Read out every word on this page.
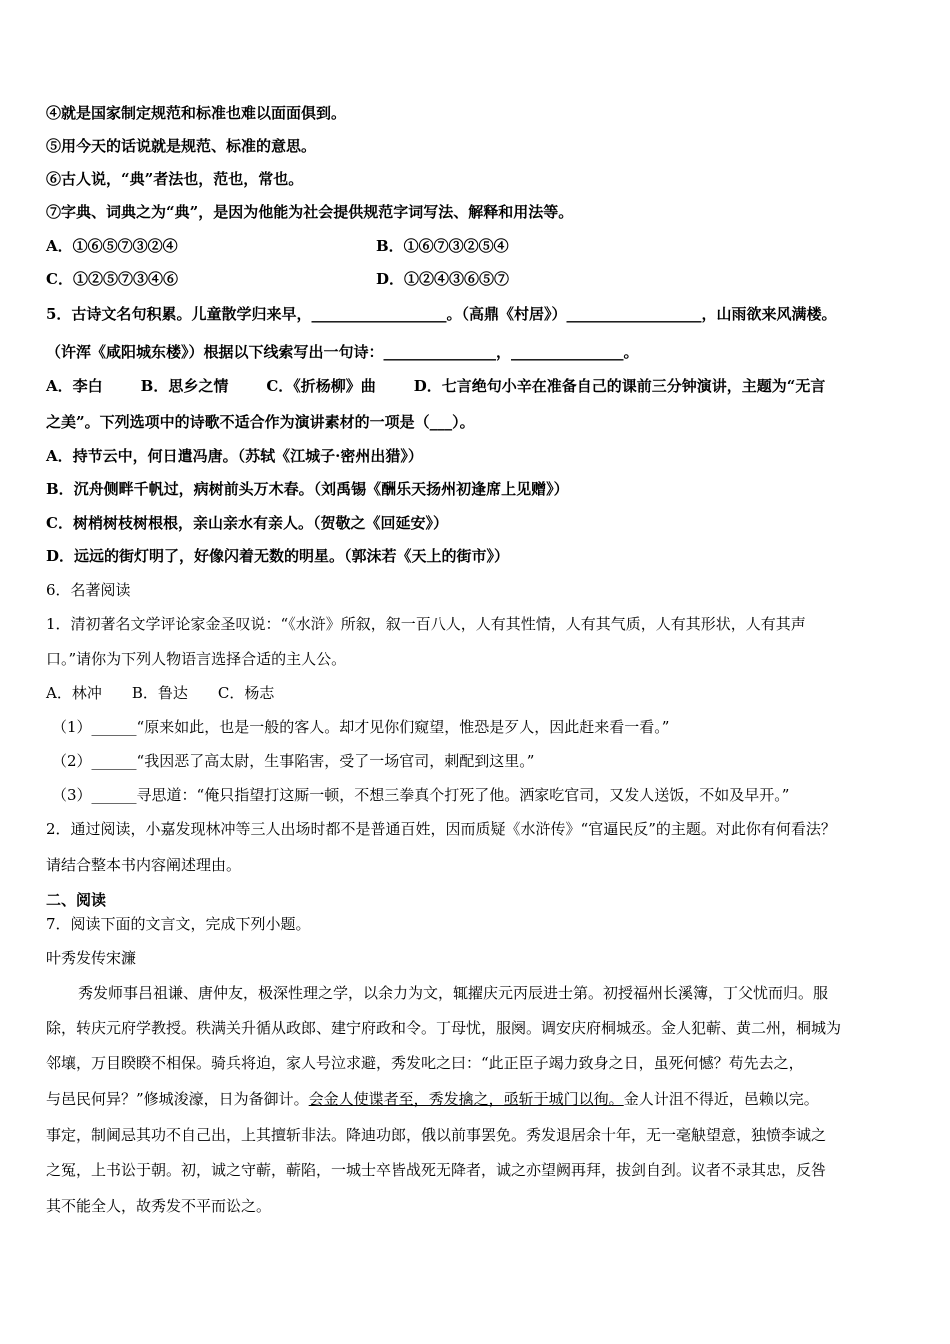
④就是国家制定规范和标准也难以面面俱到。
⑤用今天的话说就是规范、标准的意思。
⑥古人说，“典”者法也，范也，常也。
⑦字典、词典之为“典”，是因为他能为社会提供规范字词写法、解释和用法等。
A．①⑥⑤⑦③②④	B．①⑥⑦③②⑤④
C．①②⑤⑦③④⑥	D．①②④③⑥⑤⑦
5．古诗文名句积累。儿童散学归来早，__________________。（高鼎《村居》）__________________，山雨欲来风满楼。
（许浑《咸阳城东楼》）根据以下线索写出一句诗：_______________，_______________。
A．李白	B．思乡之情	C．《折杨柳》曲	D．七言绝句小辛在准备自己的课前三分钟演讲，主题为“无言
之美”。下列选项中的诗歌不适合作为演讲素材的一项是（___）。
A．持节云中，何日遣冯唐。（苏轼《江城子·密州出猎》）
B．沉舟侧畔千帆过，病树前头万木春。（刘禹锡《酬乐天扬州初逢席上见赠》）
C．树梢树枝树根根，亲山亲水有亲人。（贺敬之《回延安》）
D．远远的街灯明了，好像闪着无数的明星。（郭沫若《天上的街市》）
6．名著阅读
1．清初著名文学评论家金圣叹说：“《水浒》所叙，叙一百八人，人有其性情，人有其气质，人有其形状，人有其声
口。”请你为下列人物语言选择合适的主人公。
A．林冲　　B．鲁达　　C．杨志
（1）______“原来如此，也是一般的客人。却才见你们窥望，惟恐是歹人，因此赶来看一看。”
（2）______“我因恶了高太尉，生事陷害，受了一场官司，刺配到这里。”
（3）______寻思道：“俺只指望打这厮一顿，不想三拳真个打死了他。洒家吃官司，又发人送饭，不如及早开。”
2．通过阅读，小嘉发现林冲等三人出场时都不是普通百姓，因而质疑《水浒传》“官逼民反”的主题。对此你有何看法？
请结合整本书内容阐述理由。
二、阅读
7．阅读下面的文言文，完成下列小题。
叶秀发传宋濂
秀发师事吕祖谦、唐仲友，极深性理之学，以余力为文，辄擢庆元丙辰进士第。初授福州长溪簿，丁父忧而归。服
除，转庆元府学教授。秩满关升循从政郎、建宁府政和令。丁母忧，服阕。调安庆府桐城丞。金人犯蕲、黄二州，桐城为
邻壤，万目睽睽不相保。骑兵将迫，家人号泣求避，秀发叱之曰：“此正臣子竭力致身之日，虽死何憾？苟先去之，
与邑民何异？”修城浚濠，日为备御计。会金人使谍者至，秀发擒之，亟斩于城门以徇。金人计沮不得近，邑赖以完。
事定，制阃忌其功不自己出，上其擅斩非法。降迪功郎，俄以前事罢免。秀发退居余十年，无一毫觖望意，独愤李诚之
之冤，上书讼于朝。初，诚之守蕲，蕲陷，一城士卒皆战死无降者，诚之亦望阙再拜，拔剑自刭。议者不录其忠，反咎
其不能全人，故秀发不平而讼之。
